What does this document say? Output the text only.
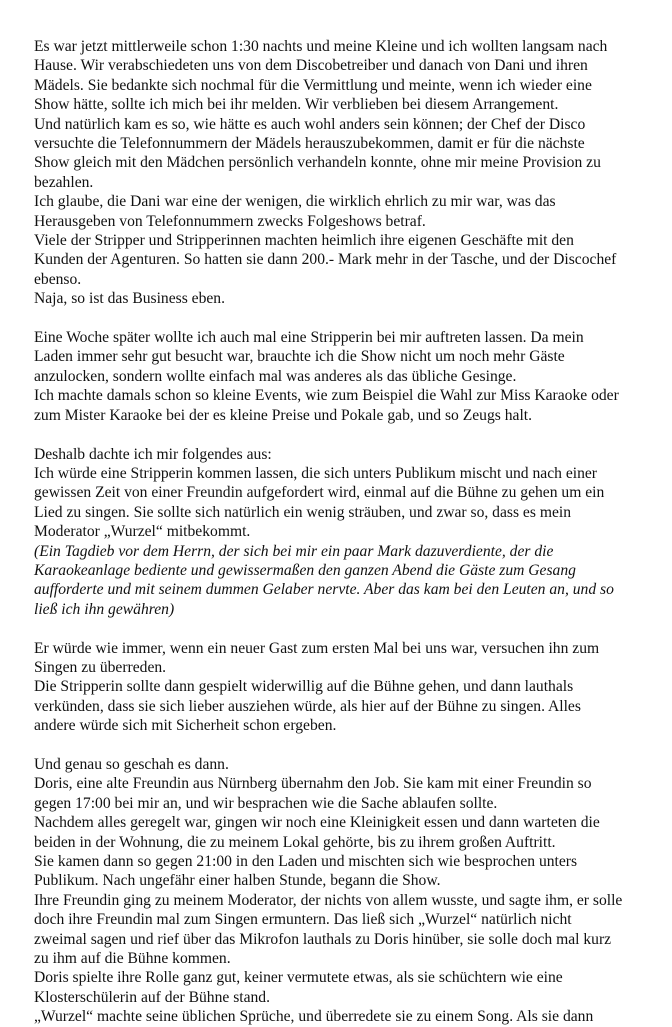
Es war jetzt mittlerweile schon 1:30 nachts und meine Kleine und ich wollten langsam nach
Hause. Wir verabschiedeten uns von dem Discobetreiber und danach von Dani und ihren
Mädels. Sie bedankte sich nochmal für die Vermittlung und meinte, wenn ich wieder eine
Show hätte, sollte ich mich bei ihr melden. Wir verblieben bei diesem Arrangement.
Und natürlich kam es so, wie hätte es auch wohl anders sein können; der Chef der Disco
versuchte die Telefonnummern der Mädels herauszubekommen, damit er für die nächste
Show gleich mit den Mädchen persönlich verhandeln konnte, ohne mir meine Provision zu
bezahlen.
Ich glaube, die Dani war eine der wenigen, die wirklich ehrlich zu mir war, was das
Herausgeben von Telefonnummern zwecks Folgeshows betraf.
Viele der Stripper und Stripperinnen machten heimlich ihre eigenen Geschäfte mit den
Kunden der Agenturen. So hatten sie dann 200.- Mark mehr in der Tasche, und der Discochef
ebenso.
Naja, so ist das Business eben.
Eine Woche später wollte ich auch mal eine Stripperin bei mir auftreten lassen. Da mein
Laden immer sehr gut besucht war, brauchte ich die Show nicht um noch mehr Gäste
anzulocken, sondern wollte einfach mal was anderes als das übliche Gesinge.
Ich machte damals schon so kleine Events, wie zum Beispiel die Wahl zur Miss Karaoke oder
zum Mister Karaoke bei der es kleine Preise und Pokale gab, und so Zeugs halt.
Deshalb dachte ich mir folgendes aus:
Ich würde eine Stripperin kommen lassen, die sich unters Publikum mischt und nach einer
gewissen Zeit von einer Freundin aufgefordert wird, einmal auf die Bühne zu gehen um ein
Lied zu singen. Sie sollte sich natürlich ein wenig sträuben, und zwar so, dass es mein
Moderator „Wurzel“ mitbekommt.
(Ein Tagdieb vor dem Herrn, der sich bei mir ein paar Mark dazuverdiente, der die
Karaokeanlage bediente und gewissermaßen den ganzen Abend die Gäste zum Gesang
aufforderte und mit seinem dummen Gelaber nervte. Aber das kam bei den Leuten an, und so
ließ ich ihn gewähren)
Er würde wie immer, wenn ein neuer Gast zum ersten Mal bei uns war, versuchen ihn zum
Singen zu überreden.
Die Stripperin sollte dann gespielt widerwillig auf die Bühne gehen, und dann lauthals
verkünden, dass sie sich lieber ausziehen würde, als hier auf der Bühne zu singen. Alles
andere würde sich mit Sicherheit schon ergeben.
Und genau so geschah es dann.
Doris, eine alte Freundin aus Nürnberg übernahm den Job. Sie kam mit einer Freundin so
gegen 17:00 bei mir an, und wir besprachen wie die Sache ablaufen sollte.
Nachdem alles geregelt war, gingen wir noch eine Kleinigkeit essen und dann warteten die
beiden in der Wohnung, die zu meinem Lokal gehörte, bis zu ihrem großen Auftritt.
Sie kamen dann so gegen 21:00 in den Laden und mischten sich wie besprochen unters
Publikum. Nach ungefähr einer halben Stunde, begann die Show.
Ihre Freundin ging zu meinem Moderator, der nichts von allem wusste, und sagte ihm, er solle
doch ihre Freundin mal zum Singen ermuntern. Das ließ sich „Wurzel“ natürlich nicht
zweimal sagen und rief über das Mikrofon lauthals zu Doris hinüber, sie solle doch mal kurz
zu ihm auf die Bühne kommen.
Doris spielte ihre Rolle ganz gut, keiner vermutete etwas, als sie schüchtern wie eine
Klosterschülerin auf der Bühne stand.
„Wurzel“ machte seine üblichen Sprüche, und überredete sie zu einem Song. Als sie dann
